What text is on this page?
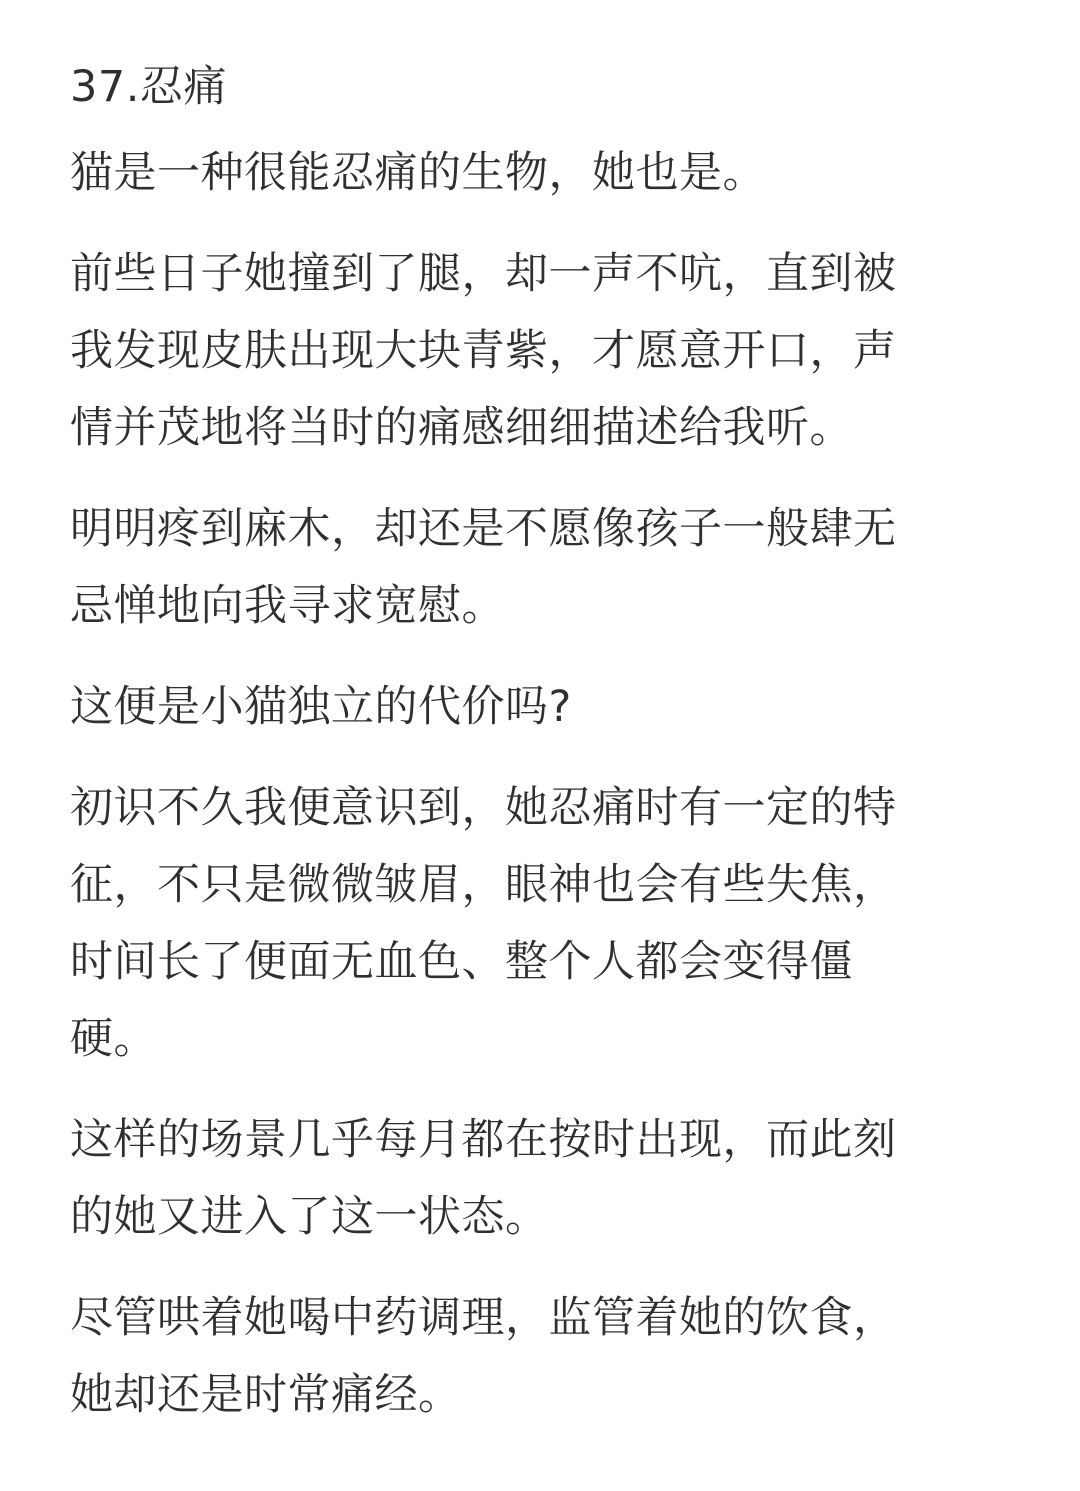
37.忍痛
猫是一种很能忍痛的生物，她也是。
前些日子她撞到了腿，却一声不吭，直到被
我发现皮肤出现大块青紫，才愿意开口，声
情并茂地将当时的痛感细细描述给我听。
明明疼到麻木，却还是不愿像孩子一般肆无
忌惮地向我寻求宽慰。
这便是小猫独立的代价吗?
初识不久我便意识到，她忍痛时有一定的特
征，不只是微微皱眉，眼神也会有些失焦，
时间长了便面无血色、整个人都会变得僵
硬。
这样的场景几乎每月都在按时出现，而此刻
的她又进入了这一状态。
尽管哄着她喝中药调理，监管着她的饮食，
她却还是时常痛经。
